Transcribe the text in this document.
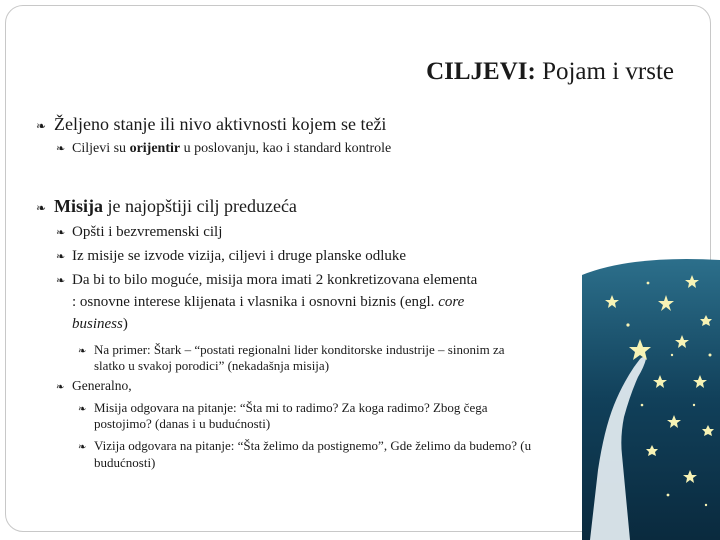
CILJEVI: Pojam i vrste
❧ Željeno stanje ili nivo aktivnosti kojem se teži
❧ Ciljevi su orijentir u poslovanju, kao i standard kontrole
❧ Misija je najopštiji cilj preduzeća
❧ Opšti i bezvremenski cilj
❧ Iz misije se izvode vizija, ciljevi i druge planske odluke
❧ Da bi to bilo moguće, misija mora imati 2 konkretizovana elementa
: osnovne interese klijenata i vlasnika i osnovni biznis (engl. core
business)
❧ Na primer: Štark – “postati regionalni lider konditorske industrije – sinonim za
slatko u svakoj porodici” (nekadašnja misija)
❧ Generalno,
❧ Misija odgovara na pitanje: “Šta mi to radimo? Za koga radimo? Zbog čega
postojimo? (danas i u budućnosti)
❧ Vizija odgovara na pitanje: “Šta želimo da postignemo”, Gde želimo da budemo? (u
budućnosti)
